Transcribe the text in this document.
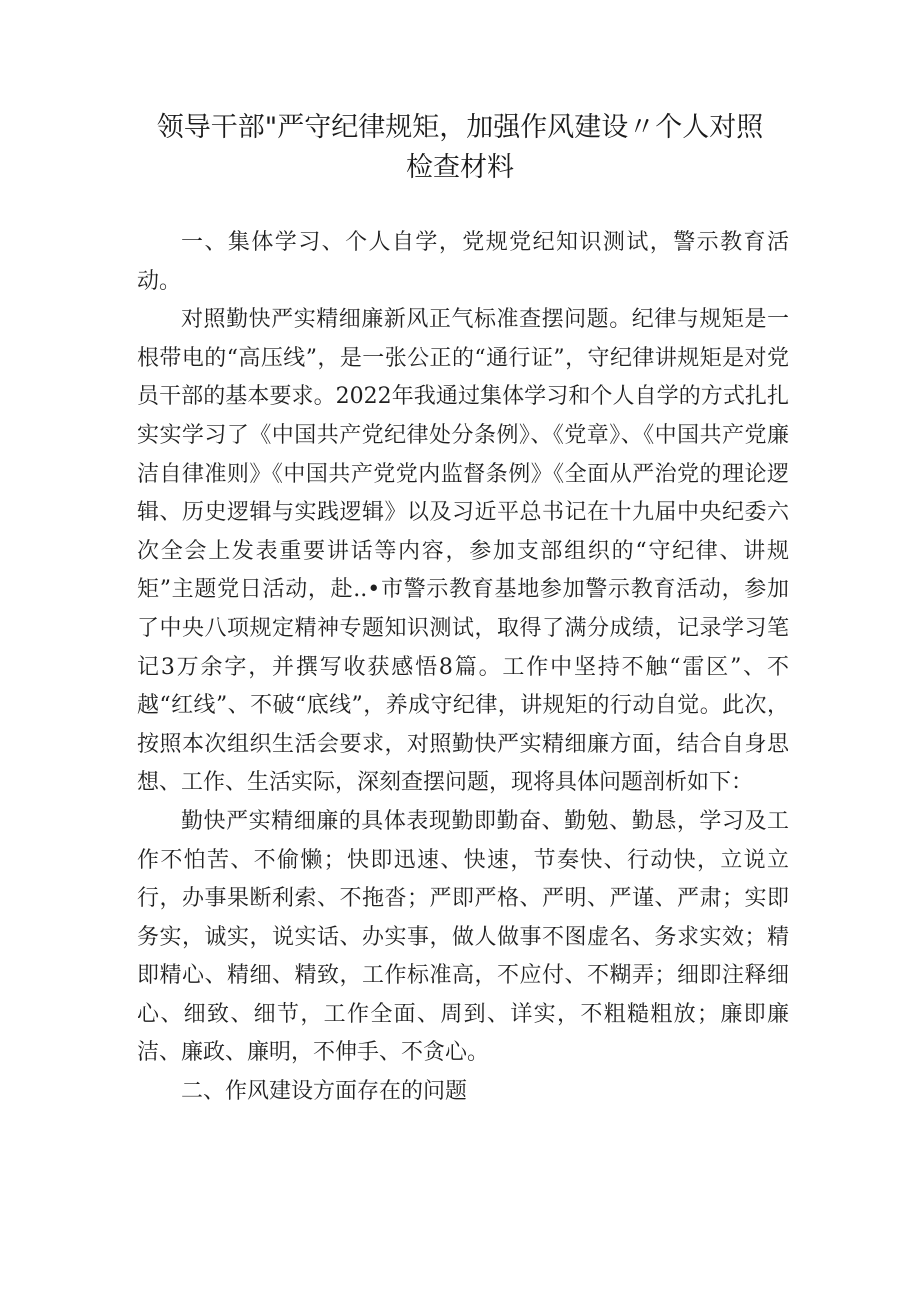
领导干部"严守纪律规矩，加强作风建设〃个人对照
检查材料

一、集体学习、个人自学，党规党纪知识测试，警示教育活动。

对照勤快严实精细廉新风正气标准查摆问题。纪律与规矩是一根带电的“高压线”，是一张公正的“通行证”，守纪律讲规矩是对党员干部的基本要求。2022年我通过集体学习和个人自学的方式扎扎实实学习了《中国共产党纪律处分条例》、《党章》、《中国共产党廉洁自律准则》《中国共产党党内监督条例》《全面从严治党的理论逻辑、历史逻辑与实践逻辑》以及习近平总书记在十九届中央纪委六次全会上发表重要讲话等内容，参加支部组织的“守纪律、讲规矩”主题党日活动，赴..•市警示教育基地参加警示教育活动，参加了中央八项规定精神专题知识测试，取得了满分成绩，记录学习笔记3万余字，并撰写收获感悟8篇。工作中坚持不触“雷区”、不越“红线”、不破“底线”，养成守纪律，讲规矩的行动自觉。此次，按照本次组织生活会要求，对照勤快严实精细廉方面，结合自身思想、工作、生活实际，深刻查摆问题，现将具体问题剖析如下：

勤快严实精细廉的具体表现勤即勤奋、勤勉、勤恳，学习及工作不怕苦、不偷懒；快即迅速、快速，节奏快、行动快，立说立行，办事果断利索、不拖沓；严即严格、严明、严谨、严肃；实即务实，诚实，说实话、办实事，做人做事不图虚名、务求实效；精即精心、精细、精致，工作标准高，不应付、不糊弄；细即注释细心、细致、细节，工作全面、周到、详实，不粗糙粗放；廉即廉洁、廉政、廉明，不伸手、不贪心。

二、作风建设方面存在的问题
